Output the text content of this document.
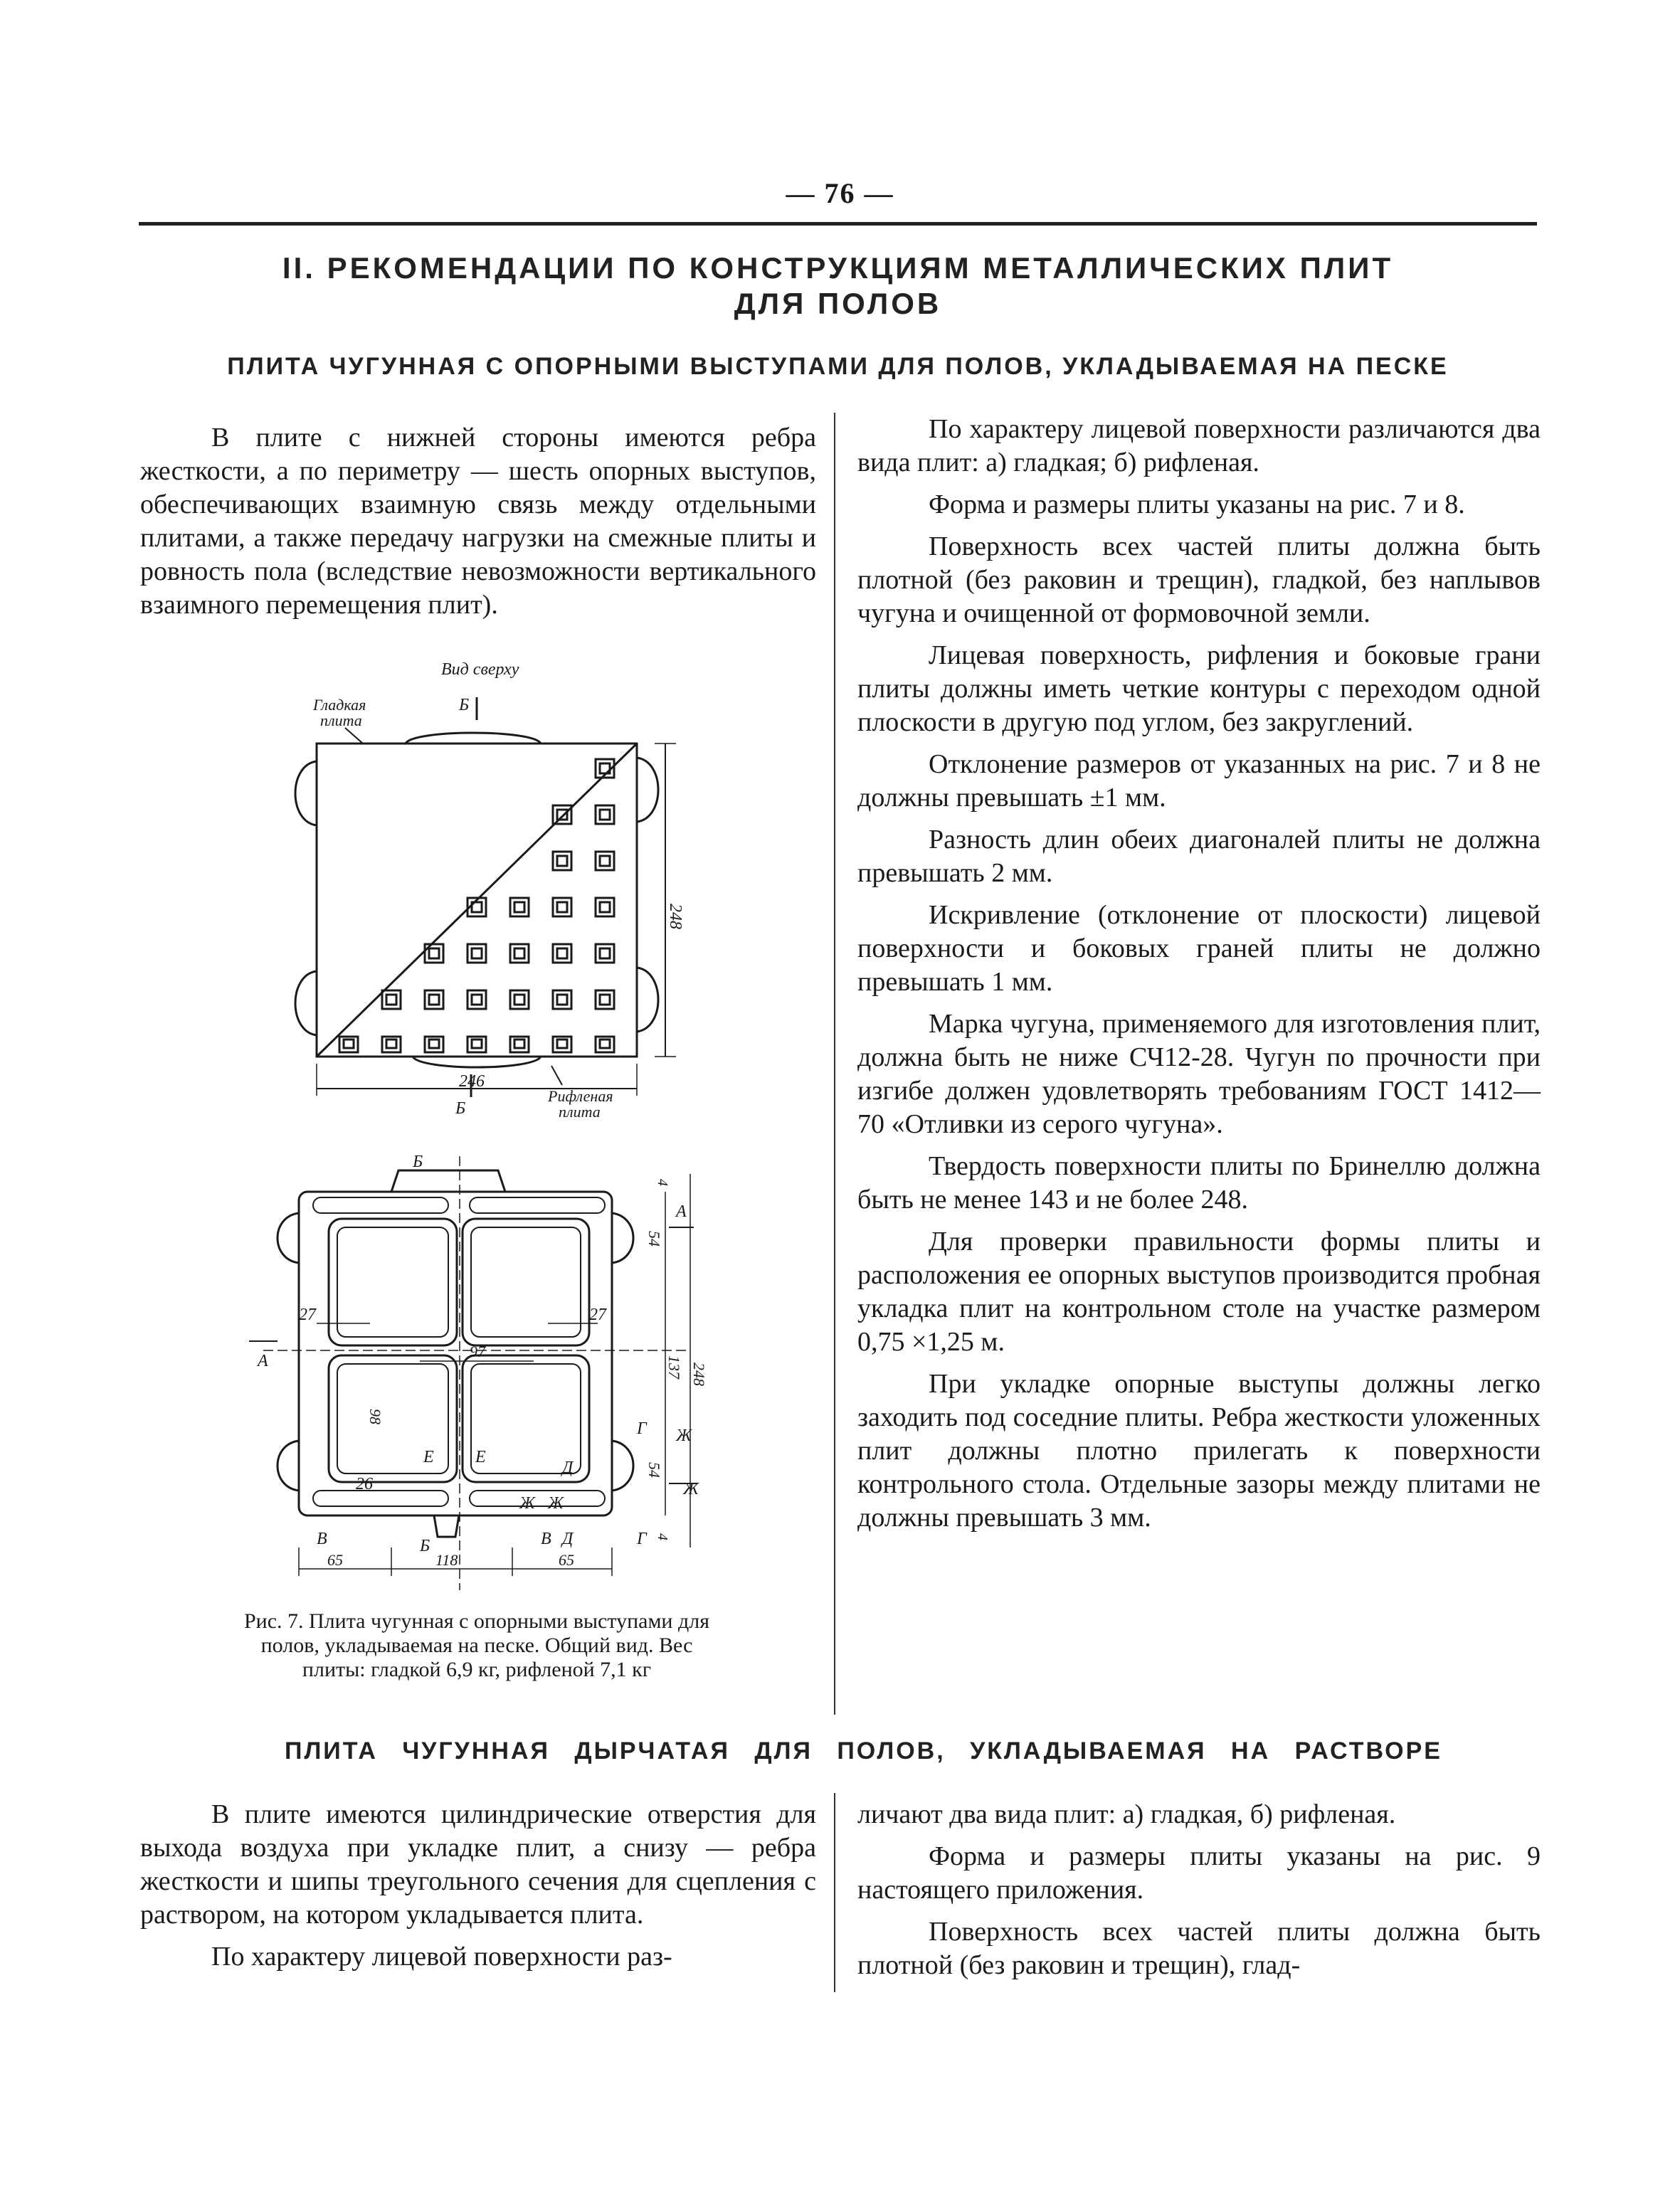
— 76 —
II. РЕКОМЕНДАЦИИ ПО КОНСТРУКЦИЯМ МЕТАЛЛИЧЕСКИХ ПЛИТ
ДЛЯ ПОЛОВ
ПЛИТА ЧУГУННАЯ С ОПОРНЫМИ ВЫСТУПАМИ ДЛЯ ПОЛОВ, УКЛАДЫВАЕМАЯ НА ПЕСКЕ

В плите с нижней стороны имеются ребра жесткости, а по периметру — шесть опорных выступов, обеспечивающих взаимную связь между отдельными плитами, а также передачу нагрузки на смежные плиты и ровность пола (вследствие невозможности вертикального взаимного перемещения плит).

Вид сверху
Гладкая
плита
Б
248
246
Б
Рифленая
плита
27	27
97
98
26
54
54
137 248
65	118	65
4
4
Б
Б
А
А
Е Е
Д
Д
Г
Г
В	В
Ж Ж
Ж
Ж
Рис. 7. Плита чугунная с опорными выступами для полов, укладываемая на песке. Общий вид. Вес плиты: гладкой 6,9 кг, рифленой 7,1 кг

По характеру лицевой поверхности различаются два вида плит: а) гладкая; б) рифленая.

Форма и размеры плиты указаны на рис. 7 и 8.

Поверхность всех частей плиты должна быть плотной (без раковин и трещин), гладкой, без наплывов чугуна и очищенной от формовочной земли.

Лицевая поверхность, рифления и боковые грани плиты должны иметь четкие контуры с переходом одной плоскости в другую под углом, без закруглений.

Отклонение размеров от указанных на рис. 7 и 8 не должны превышать ±1 мм.

Разность длин обеих диагоналей плиты не должна превышать 2 мм.

Искривление (отклонение от плоскости) лицевой поверхности и боковых граней плиты не должно превышать 1 мм.

Марка чугуна, применяемого для изготовления плит, должна быть не ниже СЧ12-28. Чугун по прочности при изгибе должен удовлетворять требованиям ГОСТ 1412—70 «Отливки из серого чугуна».

Твердость поверхности плиты по Бринеллю должна быть не менее 143 и не более 248.

Для проверки правильности формы плиты и расположения ее опорных выступов производится пробная укладка плит на контрольном столе на участке размером 0,75 ×1,25 м.

При укладке опорные выступы должны легко заходить под соседние плиты. Ребра жесткости уложенных плит должны плотно прилегать к поверхности контрольного стола. Отдельные зазоры между плитами не должны превышать 3 мм.

ПЛИТА ЧУГУННАЯ ДЫРЧАТАЯ ДЛЯ ПОЛОВ, УКЛАДЫВАЕМАЯ НА РАСТВОРЕ

В плите имеются цилиндрические отверстия для выхода воздуха при укладке плит, а снизу — ребра жесткости и шипы треугольного сечения для сцепления с раствором, на котором укладывается плита.

По характеру лицевой поверхности раз-

личают два вида плит: а) гладкая, б) рифленая.

Форма и размеры плиты указаны на рис. 9 настоящего приложения.

Поверхность всех частей плиты должна быть плотной (без раковин и трещин), глад-
